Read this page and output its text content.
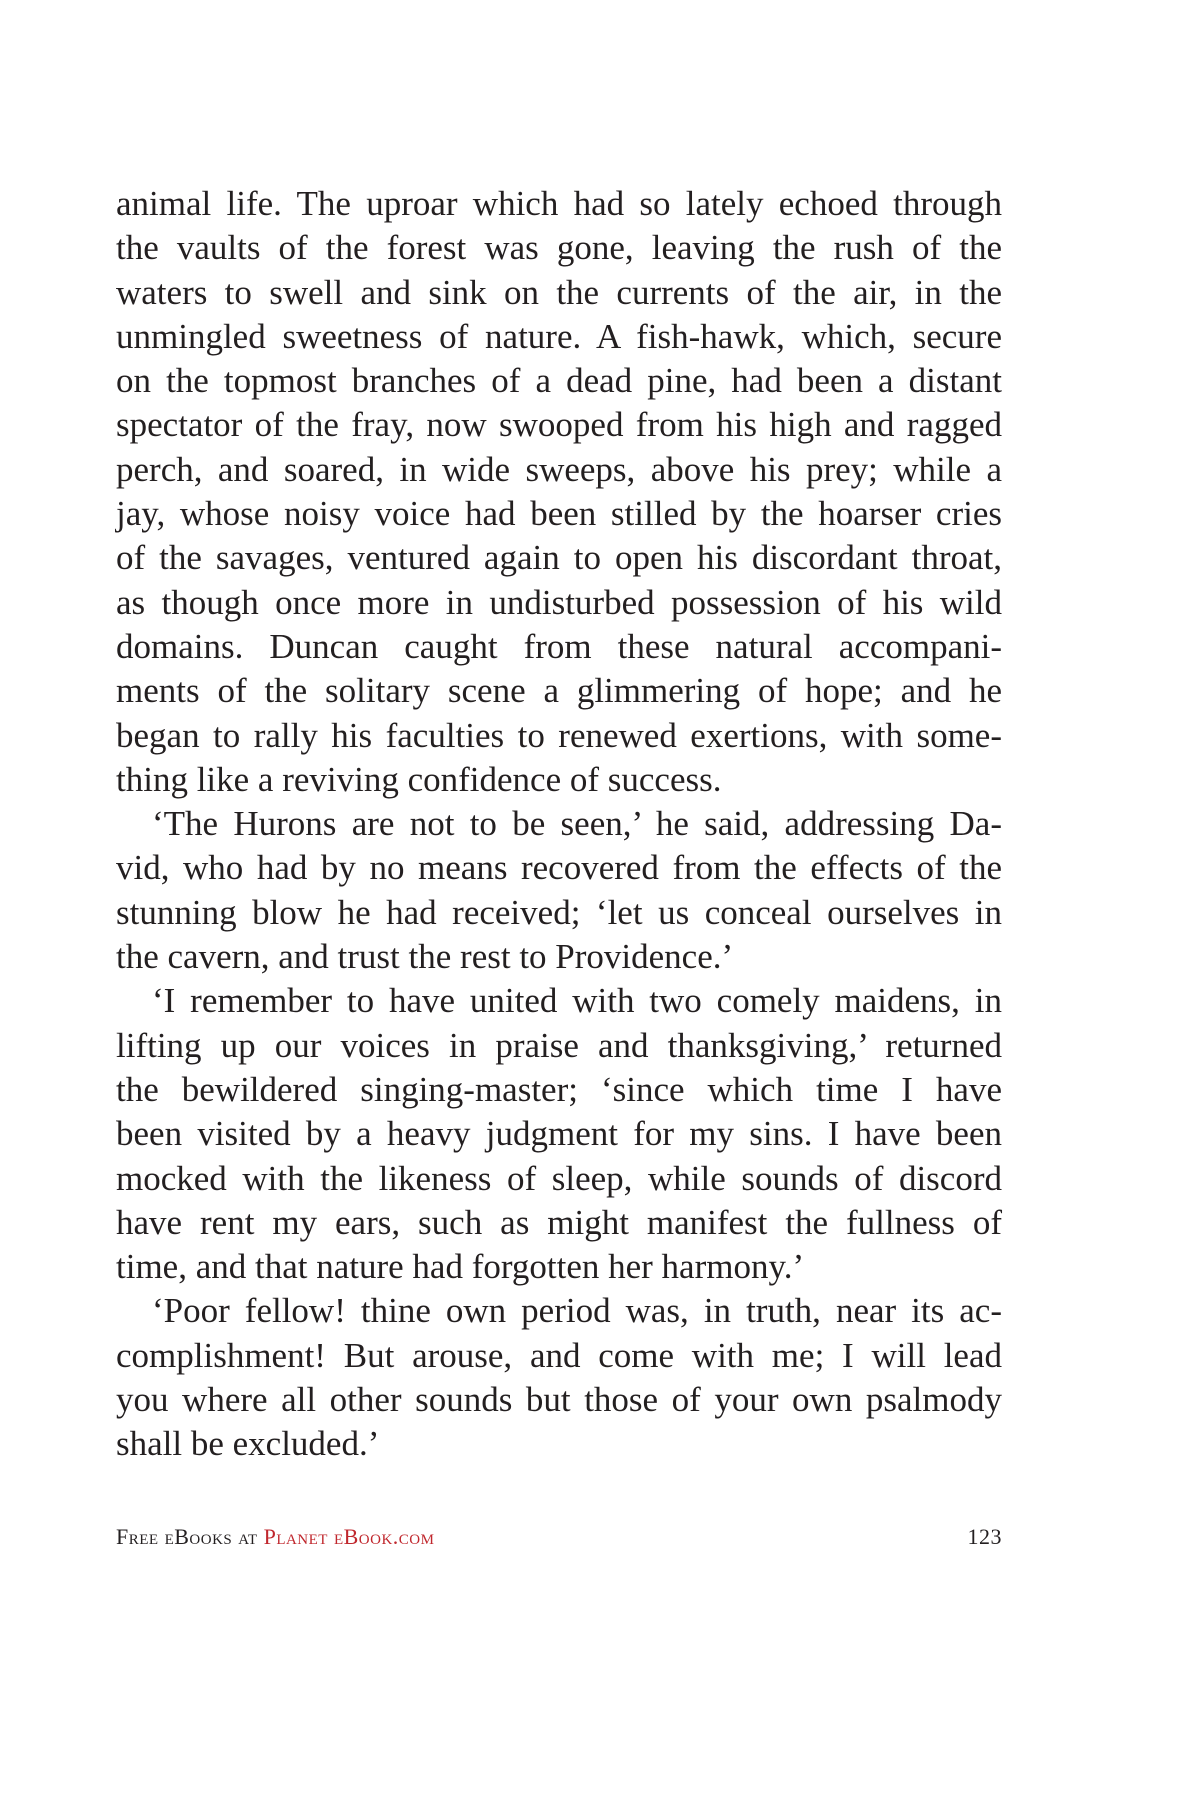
animal life. The uproar which had so lately echoed through
the vaults of the forest was gone, leaving the rush of the
waters to swell and sink on the currents of the air, in the
unmingled sweetness of nature. A fish-hawk, which, secure
on the topmost branches of a dead pine, had been a distant
spectator of the fray, now swooped from his high and ragged
perch, and soared, in wide sweeps, above his prey; while a
jay, whose noisy voice had been stilled by the hoarser cries
of the savages, ventured again to open his discordant throat,
as though once more in undisturbed possession of his wild
domains. Duncan caught from these natural accompani-
ments of the solitary scene a glimmering of hope; and he
began to rally his faculties to renewed exertions, with some-
thing like a reviving confidence of success.
‘The Hurons are not to be seen,’ he said, addressing Da-
vid, who had by no means recovered from the effects of the
stunning blow he had received; ‘let us conceal ourselves in
the cavern, and trust the rest to Providence.’
‘I remember to have united with two comely maidens, in
lifting up our voices in praise and thanksgiving,’ returned
the bewildered singing-master; ‘since which time I have
been visited by a heavy judgment for my sins. I have been
mocked with the likeness of sleep, while sounds of discord
have rent my ears, such as might manifest the fullness of
time, and that nature had forgotten her harmony.’
‘Poor fellow! thine own period was, in truth, near its ac-
complishment! But arouse, and come with me; I will lead
you where all other sounds but those of your own psalmody
shall be excluded.’
Free eBooks at Planet eBook.com	123
